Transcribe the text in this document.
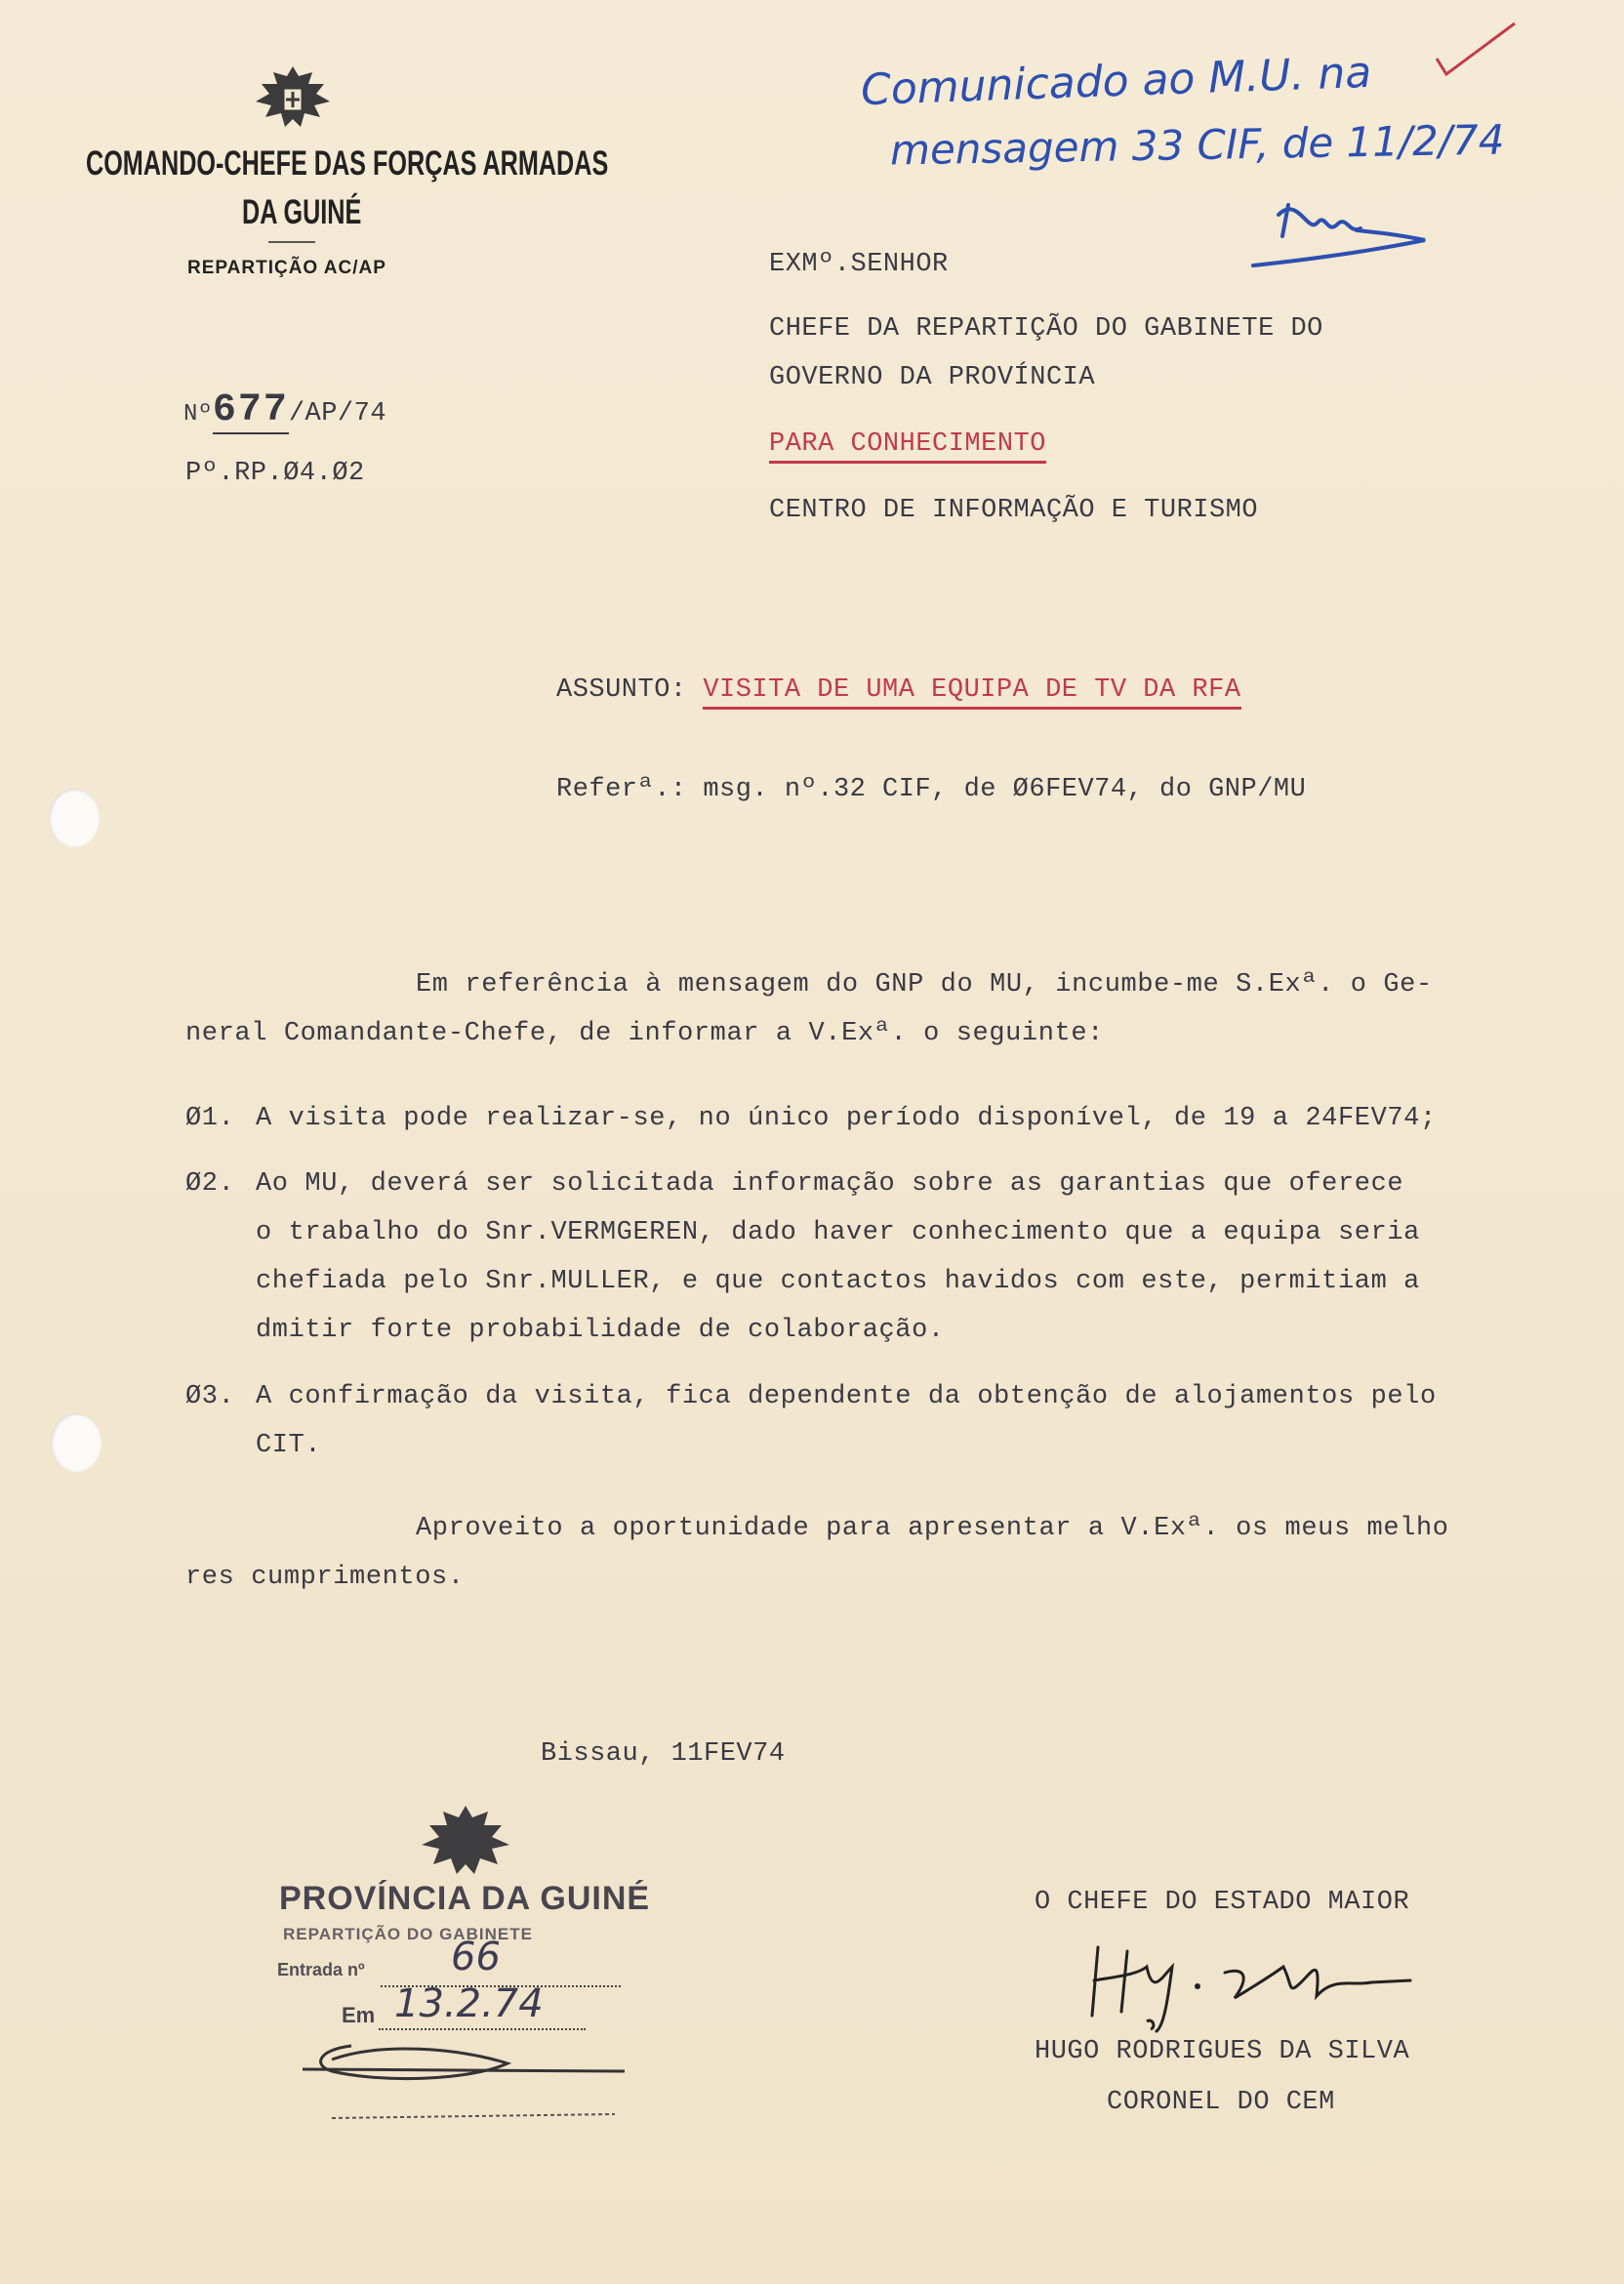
COMANDO-CHEFE DAS FORÇAS ARMADAS
DA GUINÉ
REPARTIÇÃO AC/AP
Nº677/AP/74
Pº.RP.Ø4.Ø2
Comunicado ao M.U. na
mensagem 33 CIF, de 11/2/74
EXMº.SENHOR
CHEFE DA REPARTIÇÃO DO GABINETE DO
GOVERNO DA PROVÍNCIA
PARA CONHECIMENTO
CENTRO DE INFORMAÇÃO E TURISMO
ASSUNTO: VISITA DE UMA EQUIPA DE TV DA RFA
Referª.: msg. nº.32 CIF, de Ø6FEV74, do GNP/MU
Em referência à mensagem do GNP do MU, incumbe-me S.Exª. o Ge-
neral Comandante-Chefe, de informar a V.Exª. o seguinte:
Ø1. A visita pode realizar-se, no único período disponível, de 19 a 24FEV74;
Ø2. Ao MU, deverá ser solicitada informação sobre as garantias que oferece
o trabalho do Snr.VERMGEREN, dado haver conhecimento que a equipa seria
chefiada pelo Snr.MULLER, e que contactos havidos com este, permitiam a
dmitir forte probabilidade de colaboração.
Ø3. A confirmação da visita, fica dependente da obtenção de alojamentos pelo
CIT.
Aproveito a oportunidade para apresentar a V.Exª. os meus melho
res cumprimentos.
Bissau, 11FEV74
O CHEFE DO ESTADO MAIOR
HUGO RODRIGUES DA SILVA
CORONEL DO CEM
PROVÍNCIA DA GUINÉ
REPARTIÇÃO DO GABINETE
Entrada nº 66
Em 13.2.74
